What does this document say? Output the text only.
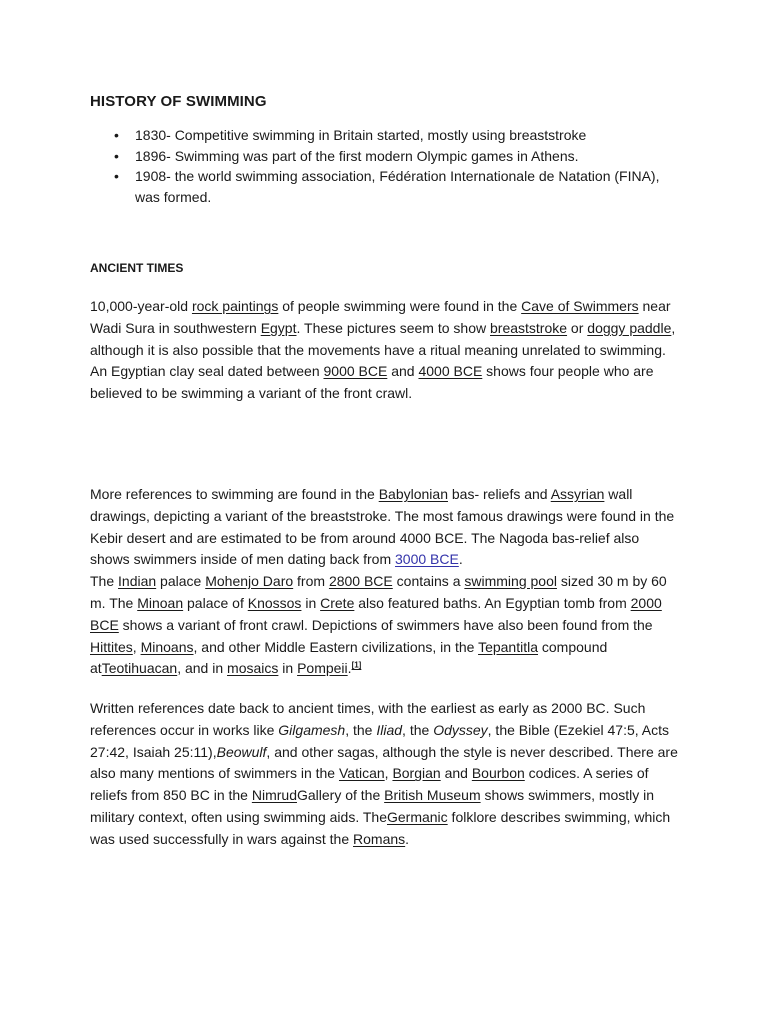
HISTORY OF SWIMMING
• 1830- Competitive swimming in Britain started, mostly using breaststroke
• 1896- Swimming was part of the first modern Olympic games in Athens.
• 1908- the world swimming association, Fédération Internationale de Natation (FINA), was formed.
ANCIENT TIMES

10,000-year-old rock paintings of people swimming were found in the Cave of Swimmers near Wadi Sura in southwestern Egypt. These pictures seem to show breaststroke or doggy paddle, although it is also possible that the movements have a ritual meaning unrelated to swimming. An Egyptian clay seal dated between 9000 BCE and 4000 BCE shows four people who are believed to be swimming a variant of the front crawl.

More references to swimming are found in the Babylonian bas- reliefs and Assyrian wall drawings, depicting a variant of the breaststroke. The most famous drawings were found in the Kebir desert and are estimated to be from around 4000 BCE. The Nagoda bas-relief also shows swimmers inside of men dating back from 3000 BCE.
The Indian palace Mohenjo Daro from 2800 BCE contains a swimming pool sized 30 m by 60 m. The Minoan palace of Knossos in Crete also featured baths. An Egyptian tomb from 2000 BCE shows a variant of front crawl. Depictions of swimmers have also been found from the Hittites, Minoans, and other Middle Eastern civilizations, in the Tepantitla compound atTeotihuacan, and in mosaics in Pompeii.[1]

Written references date back to ancient times, with the earliest as early as 2000 BC. Such references occur in works like Gilgamesh, the Iliad, the Odyssey, the Bible (Ezekiel 47:5, Acts 27:42, Isaiah 25:11),Beowulf, and other sagas, although the style is never described. There are also many mentions of swimmers in the Vatican, Borgian and Bourbon codices. A series of reliefs from 850 BC in the NimrudGallery of the British Museum shows swimmers, mostly in military context, often using swimming aids. TheGermanic folklore describes swimming, which was used successfully in wars against the Romans.
